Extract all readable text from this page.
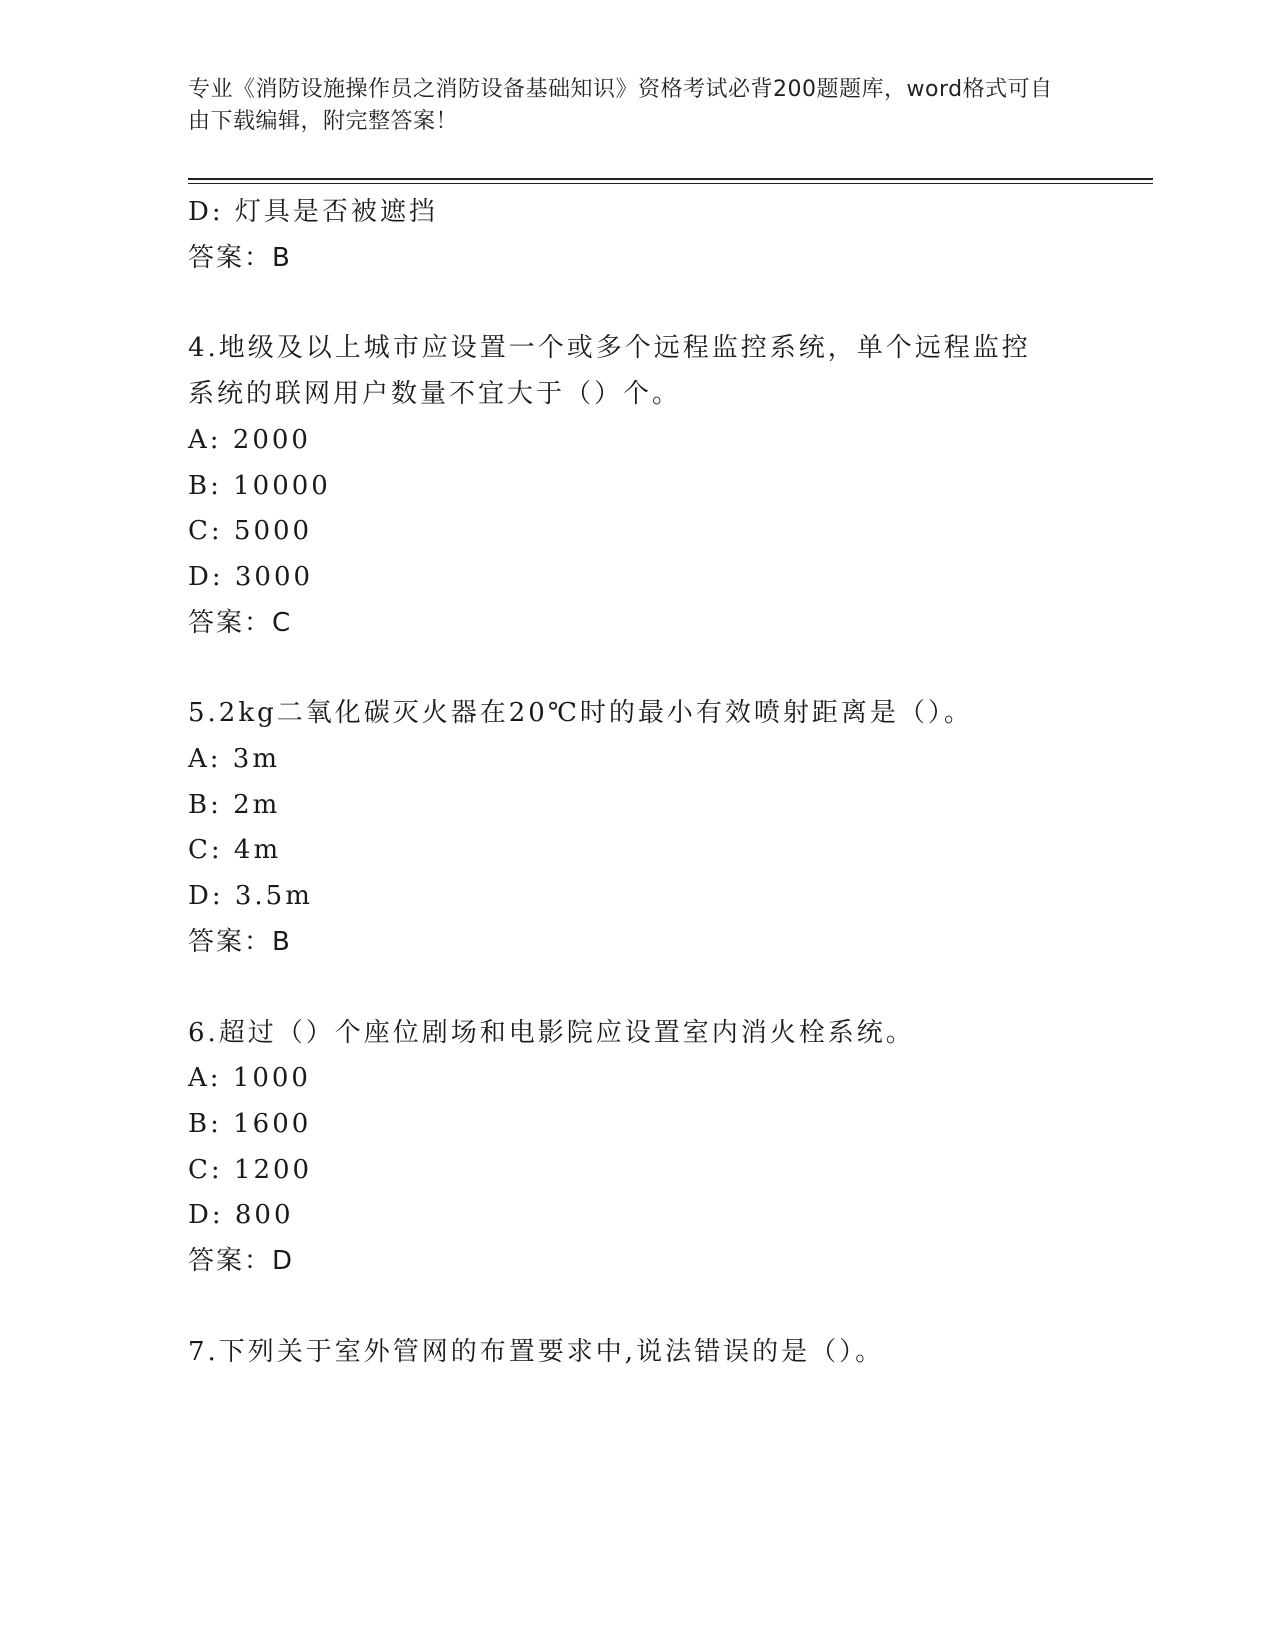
专业《消防设施操作员之消防设备基础知识》资格考试必背200题题库，word格式可自由下载编辑，附完整答案！

D: 灯具是否被遮挡

答案：B

4.地级及以上城市应设置一个或多个远程监控系统，单个远程监控系统的联网用户数量不宜大于（）个。

A: 2000

B: 10000

C: 5000

D: 3000

答案：C

5.2kg二氧化碳灭火器在20℃时的最小有效喷射距离是（）。

A: 3m

B: 2m

C: 4m

D: 3.5m

答案：B

6.超过（）个座位剧场和电影院应设置室内消火栓系统。

A: 1000

B: 1600

C: 1200

D: 800

答案：D

7.下列关于室外管网的布置要求中,说法错误的是（）。
